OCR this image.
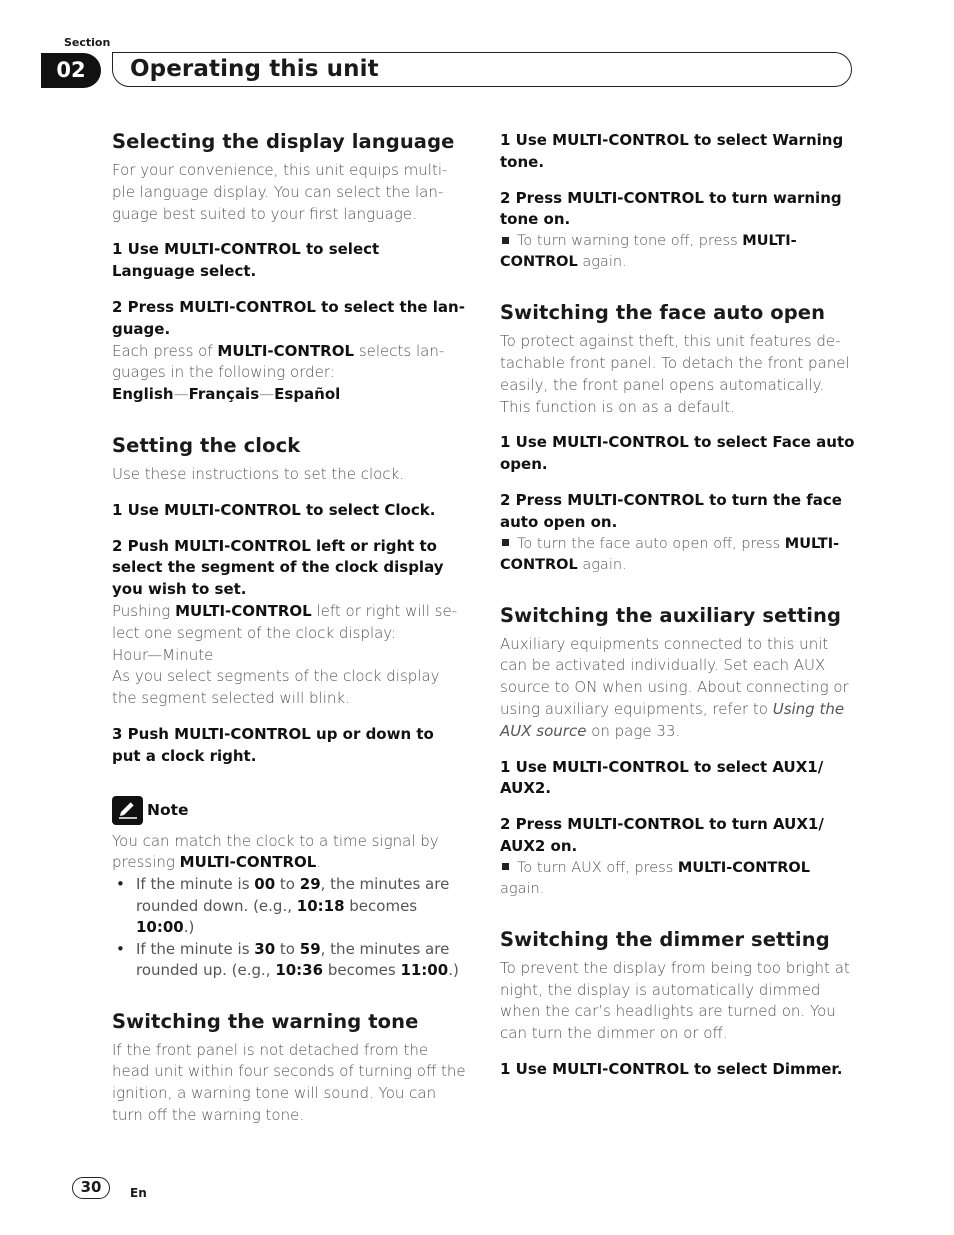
Section
02	Operating this unit
Selecting the display language

For your convenience, this unit equips multi-ple language display. You can select the lan-guage best suited to your first language.

1 Use MULTI-CONTROL to select Language select.

2 Press MULTI-CONTROL to select the lan-guage.

Each press of MULTI-CONTROL selects lan-guages in the following order:

English—Français—Español

Setting the clock

Use these instructions to set the clock.

1 Use MULTI-CONTROL to select Clock.

2 Push MULTI-CONTROL left or right to select the segment of the clock display you wish to set.

Pushing MULTI-CONTROL left or right will se-lect one segment of the clock display:

Hour—Minute

As you select segments of the clock display the segment selected will blink.

3 Push MULTI-CONTROL up or down to put a clock right.

Note

You can match the clock to a time signal by pressing MULTI-CONTROL.

• If the minute is 00 to 29, the minutes are rounded down. (e.g., 10:18 becomes 10:00.)
• If the minute is 30 to 59, the minutes are rounded up. (e.g., 10:36 becomes 11:00.)
Switching the warning tone

If the front panel is not detached from the head unit within four seconds of turning off the ignition, a warning tone will sound. You can turn off the warning tone.

1 Use MULTI-CONTROL to select Warning tone.

2 Press MULTI-CONTROL to turn warning tone on.

To turn warning tone off, press MULTI-CONTROL again.

Switching the face auto open

To protect against theft, this unit features de-tachable front panel. To detach the front panel easily, the front panel opens automatically. This function is on as a default.

1 Use MULTI-CONTROL to select Face auto open.

2 Press MULTI-CONTROL to turn the face auto open on.

To turn the face auto open off, press MULTI-CONTROL again.

Switching the auxiliary setting

Auxiliary equipments connected to this unit can be activated individually. Set each AUX source to ON when using. About connecting or using auxiliary equipments, refer to Using the AUX source on page 33.

1 Use MULTI-CONTROL to select AUX1/ AUX2.

2 Press MULTI-CONTROL to turn AUX1/ AUX2 on.

To turn AUX off, press MULTI-CONTROL again.

Switching the dimmer setting

To prevent the display from being too bright at night, the display is automatically dimmed when the car’s headlights are turned on. You can turn the dimmer on or off.

1 Use MULTI-CONTROL to select Dimmer.

30	En
